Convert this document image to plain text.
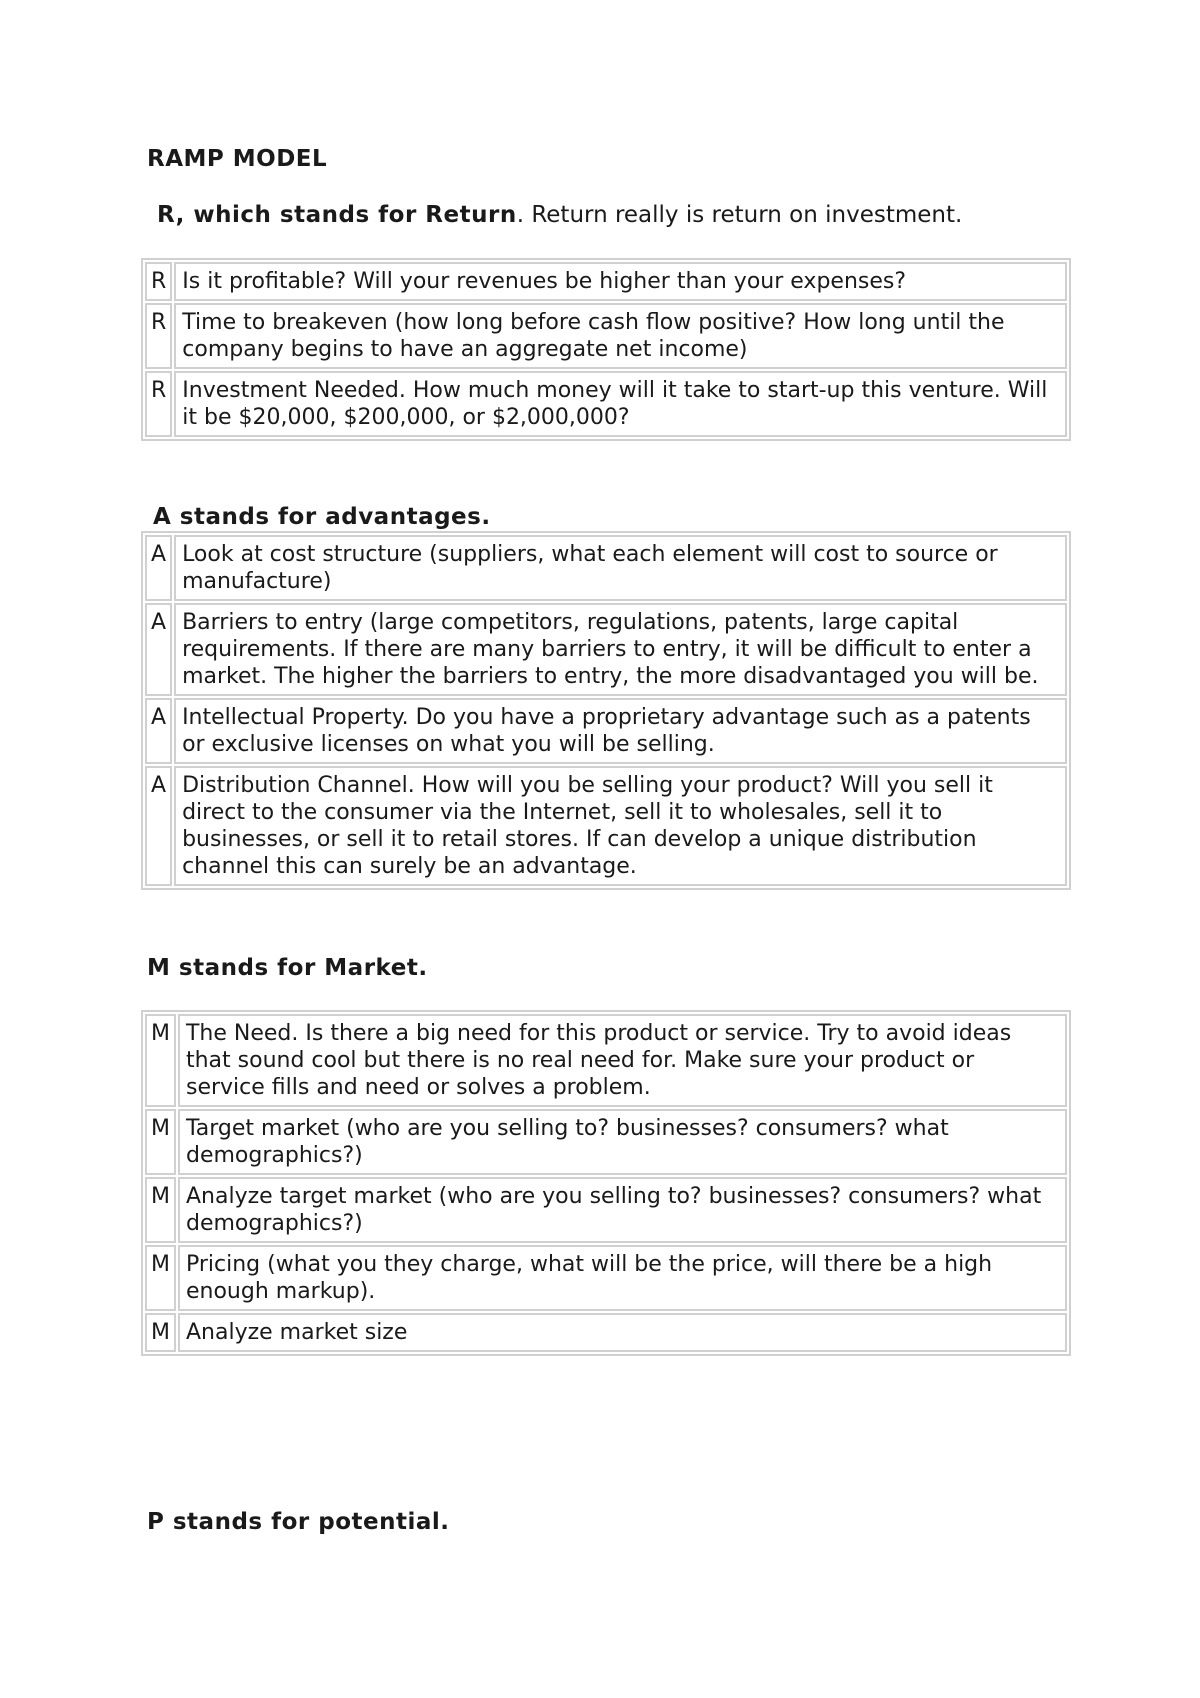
RAMP MODEL

R, which stands for Return. Return really is return on investment.

R	Is it profitable? Will your revenues be higher than your expenses?
R	Time to breakeven (how long before cash flow positive? How long until the company begins to have an aggregate net income)
R	Investment Needed. How much money will it take to start-up this venture. Will it be $20,000, $200,000, or $2,000,000?

A stands for advantages.

A	Look at cost structure (suppliers, what each element will cost to source or manufacture)
A	Barriers to entry (large competitors, regulations, patents, large capital requirements. If there are many barriers to entry, it will be difficult to enter a market. The higher the barriers to entry, the more disadvantaged you will be.
A	Intellectual Property. Do you have a proprietary advantage such as a patents or exclusive licenses on what you will be selling.
A	Distribution Channel. How will you be selling your product? Will you sell it direct to the consumer via the Internet, sell it to wholesales, sell it to businesses, or sell it to retail stores. If can develop a unique distribution channel this can surely be an advantage.

M stands for Market.

M	The Need. Is there a big need for this product or service. Try to avoid ideas that sound cool but there is no real need for. Make sure your product or service fills and need or solves a problem.
M	Target market (who are you selling to? businesses? consumers? what demographics?)
M	Analyze target market (who are you selling to? businesses? consumers? what demographics?)
M	Pricing (what you they charge, what will be the price, will there be a high enough markup).
M	Analyze market size

P stands for potential.
